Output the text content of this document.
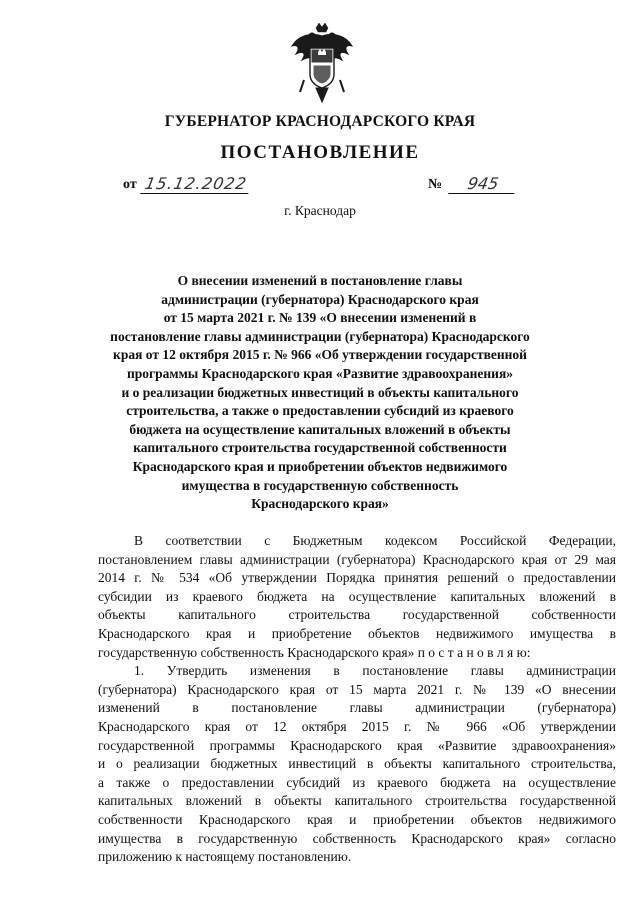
ГУБЕРНАТОР КРАСНОДАРСКОГО КРАЯ
ПОСТАНОВЛЕНИЕ
от 15.12.2022	№	945
г. Краснодар
О внесении изменений в постановление главы
администрации (губернатора) Краснодарского края
от 15 марта 2021 г. № 139 «О внесении изменений в
постановление главы администрации (губернатора) Краснодарского
края от 12 октября 2015 г. № 966 «Об утверждении государственной
программы Краснодарского края «Развитие здравоохранения»
и о реализации бюджетных инвестиций в объекты капитального
строительства, а также о предоставлении субсидий из краевого
бюджета на осуществление капитальных вложений в объекты
капитального строительства государственной собственности
Краснодарского края и приобретении объектов недвижимого
имущества в государственную собственность
Краснодарского края»
В соответствии с Бюджетным кодексом Российской Федерации,
постановлением главы администрации (губернатора) Краснодарского края от 29 мая
2014 г. № 534 «Об утверждении Порядка принятия решений о предоставлении
субсидии из краевого бюджета на осуществление капитальных вложений в
объекты капитального строительства государственной собственности
Краснодарского края и приобретение объектов недвижимого имущества в
государственную собственность Краснодарского края» п о с т а н о в л я ю:
1. Утвердить изменения в постановление главы администрации
(губернатора) Краснодарского края от 15 марта 2021 г. № 139 «О внесении
изменений в постановление главы администрации (губернатора)
Краснодарского края от 12 октября 2015 г. № 966 «Об утверждении
государственной программы Краснодарского края «Развитие здравоохранения»
и о реализации бюджетных инвестиций в объекты капитального строительства,
а также о предоставлении субсидий из краевого бюджета на осуществление
капитальных вложений в объекты капитального строительства государственной
собственности Краснодарского края и приобретении объектов недвижимого
имущества в государственную собственность Краснодарского края» согласно
приложению к настоящему постановлению.
